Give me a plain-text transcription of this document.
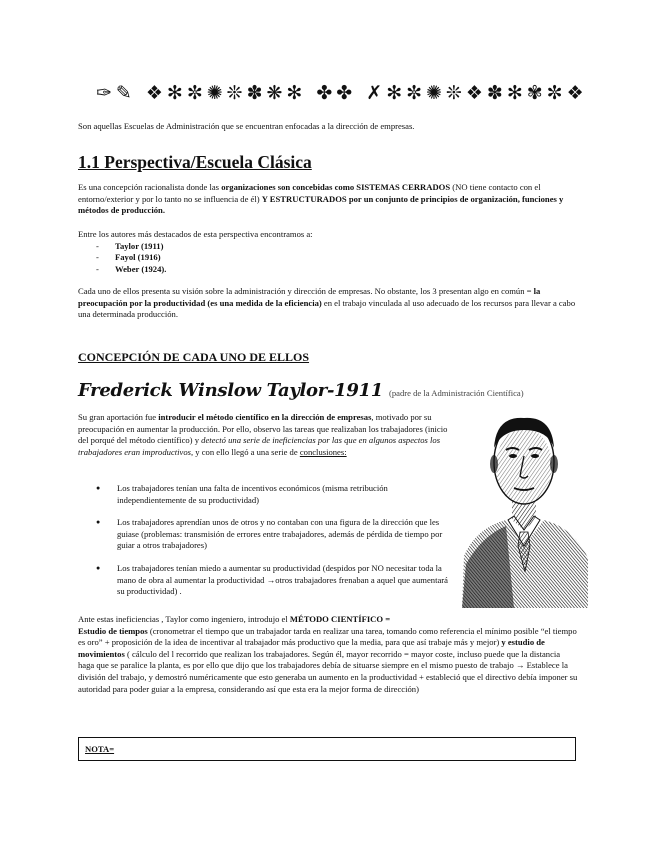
✑✎ ❖✻✼✺❊✽❋✻ ✤✤ ✗✻✼✺❊❖✽✻✾✼❖
Son aquellas Escuelas de Administración que se encuentran enfocadas a la dirección de empresas.
1.1 Perspectiva/Escuela Clásica
Es una concepción racionalista donde las organizaciones son concebidas como SISTEMAS CERRADOS (NO tiene contacto con el entorno/exterior y por lo tanto no se influencia de él) Y ESTRUCTURADOS por un conjunto de principios de organización, funciones y métodos de producción.
Entre los autores más destacados de esta perspectiva encontramos a:
- Taylor (1911)
- Fayol (1916)
- Weber (1924).
Cada uno de ellos presenta su visión sobre la administración y dirección de empresas. No obstante, los 3 presentan algo en común = la preocupación por la productividad (es una medida de la eficiencia) en el trabajo vinculada al uso adecuado de los recursos para llevar a cabo una determinada producción.
CONCEPCIÓN DE CADA UNO DE ELLOS
Frederick Winslow Taylor-1911 (padre de la Administración Científica)
Su gran aportación fue introducir el método científico en la dirección de empresas, motivado por su preocupación en aumentar la producción. Por ello, observo las tareas que realizaban los trabajadores (inicio del porqué del método científico) y detectó una serie de ineficiencias por las que en algunos aspectos los trabajadores eran improductivos, y con ello llegó a una serie de conclusiones:
● Los trabajadores tenían una falta de incentivos económicos (misma retribución independientemente de su productividad)
● Los trabajadores aprendían unos de otros y no contaban con una figura de la dirección que les guiase (problemas: transmisión de errores entre trabajadores, además de pérdida de tiempo por guiar a otros trabajadores)
● Los trabajadores tenían miedo a aumentar su productividad (despidos por NO necesitar toda la mano de obra al aumentar la productividad →otros trabajadores frenaban a aquel que aumentará su productividad) .
Ante estas ineficiencias , Taylor como ingeniero, introdujo el MÉTODO CIENTÍFICO =
Estudio de tiempos (cronometrar el tiempo que un trabajador tarda en realizar una tarea, tomando como referencia el mínimo posible “el tiempo es oro” + proposición de la idea de incentivar al trabajador más productivo que la media, para que así trabaje más y mejor) y estudio de movimientos ( cálculo del l recorrido que realizan los trabajadores. Según él, mayor recorrido = mayor coste, incluso puede que la distancia haga que se paralice la planta, es por ello que dijo que los trabajadores debía de situarse siempre en el mismo puesto de trabajo → Establece la división del trabajo, y demostró numéricamente que esto generaba un aumento en la productividad + estableció que el directivo debía imponer su autoridad para poder guiar a la empresa, considerando así que esta era la mejor forma de dirección)
NOTA=
